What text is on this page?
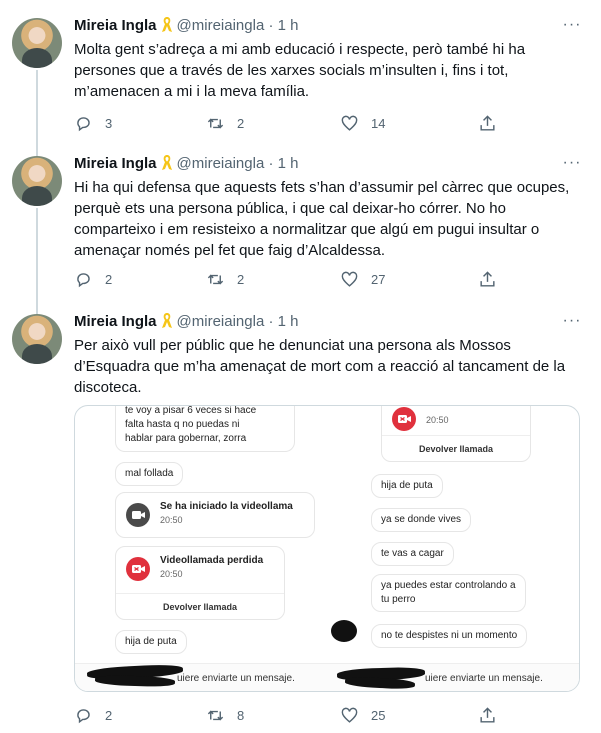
Mireia Ingla @mireiaingla · 1 h	···

Molta gent s’adreça a mi amb educació i respecte, però també hi ha

persones que a través de les xarxes socials m’insulten i, fins i tot,

m’amenacen a mi i la meva família.

3	2	14
Mireia Ingla @mireiaingla · 1 h	···

Hi ha qui defensa que aquests fets s’han d’assumir pel càrrec que ocupes,

perquè ets una persona pública, i que cal deixar-ho córrer. No ho

comparteixo i em resisteixo a normalitzar que algú em pugui insultar o

amenaçar només pel fet que faig d’Alcaldessa.

2	2	27
Mireia Ingla @mireiaingla · 1 h	···

Per això vull per públic que he denunciat una persona als Mossos

d’Esquadra que m’ha amenaçat de mort com a reacció al tancament de la

discoteca.

te voy a pisar 6 veces si hace
falta hasta q no puedas ni
hablar para gobernar, zorra
mal follada
Se ha iniciado la videollama
20:50
Videollamada perdida
20:50
Devolver llamada
hija de puta
20:50
Devolver llamada
hija de puta
ya se donde vives
te vas a cagar
ya puedes estar controlando a
tu perro
no te despistes ni un momento
uiere enviarte un mensaje.	uiere enviarte un mensaje.
2	8	25
